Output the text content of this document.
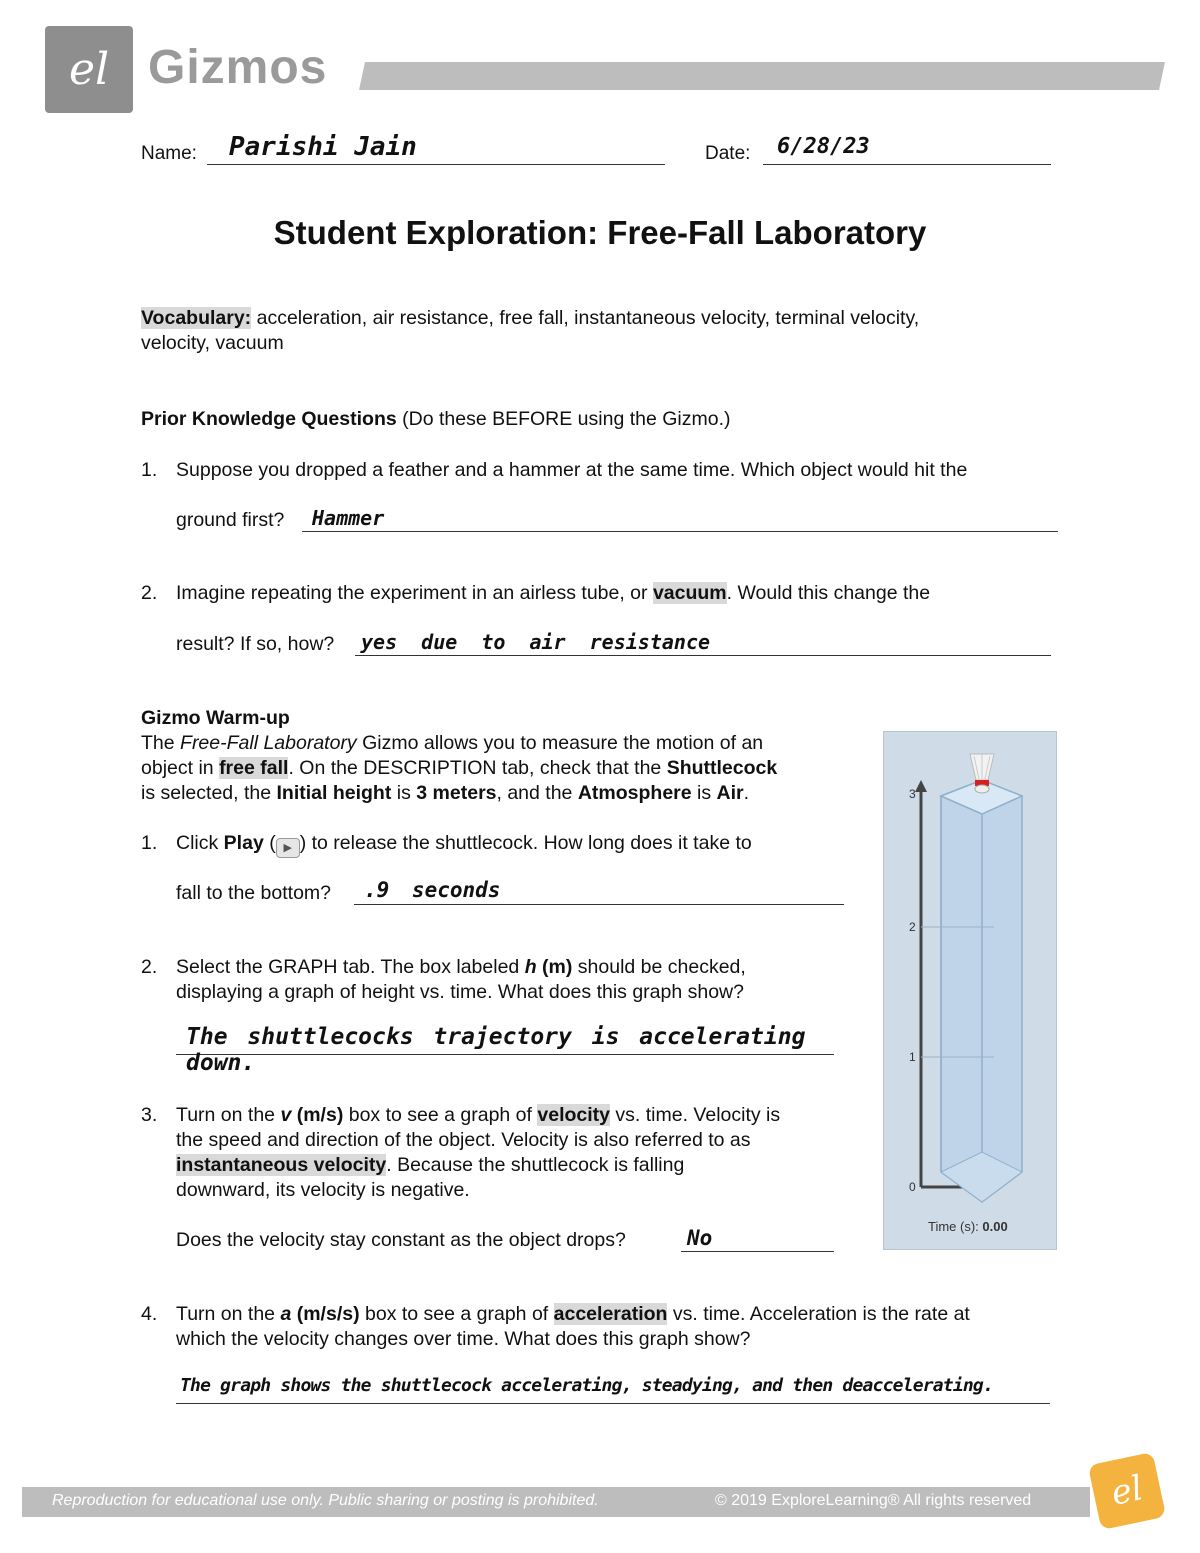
el Gizmos
Name: Parishi Jain	Date: 6/28/23
Student Exploration: Free-Fall Laboratory
Vocabulary: acceleration, air resistance, free fall, instantaneous velocity, terminal velocity,
velocity, vacuum
Prior Knowledge Questions (Do these BEFORE using the Gizmo.)
1. Suppose you dropped a feather and a hammer at the same time. Which object would hit the
ground first? Hammer
2. Imagine repeating the experiment in an airless tube, or vacuum. Would this change the
result? If so, how? yes due to air resistance
Gizmo Warm-up
The Free-Fall Laboratory Gizmo allows you to measure the motion of an
object in free fall. On the DESCRIPTION tab, check that the Shuttlecock
is selected, the Initial height is 3 meters, and the Atmosphere is Air.
1. Click Play ( ▶ ) to release the shuttlecock. How long does it take to
fall to the bottom? .9 seconds
2. Select the GRAPH tab. The box labeled h (m) should be checked,
displaying a graph of height vs. time. What does this graph show?
The shuttlecocks trajectory is accelerating down.
3. Turn on the v (m/s) box to see a graph of velocity vs. time. Velocity is
the speed and direction of the object. Velocity is also referred to as
instantaneous velocity. Because the shuttlecock is falling
downward, its velocity is negative.
Does the velocity stay constant as the object drops?	No
3
2
1
0
Time (s): 0.00
4. Turn on the a (m/s/s) box to see a graph of acceleration vs. time. Acceleration is the rate at
which the velocity changes over time. What does this graph show?
The graph shows the shuttlecock accelerating, steadying, and then deaccelerating.
Reproduction for educational use only. Public sharing or posting is prohibited.	© 2019 ExploreLearning® All rights reserved	el
